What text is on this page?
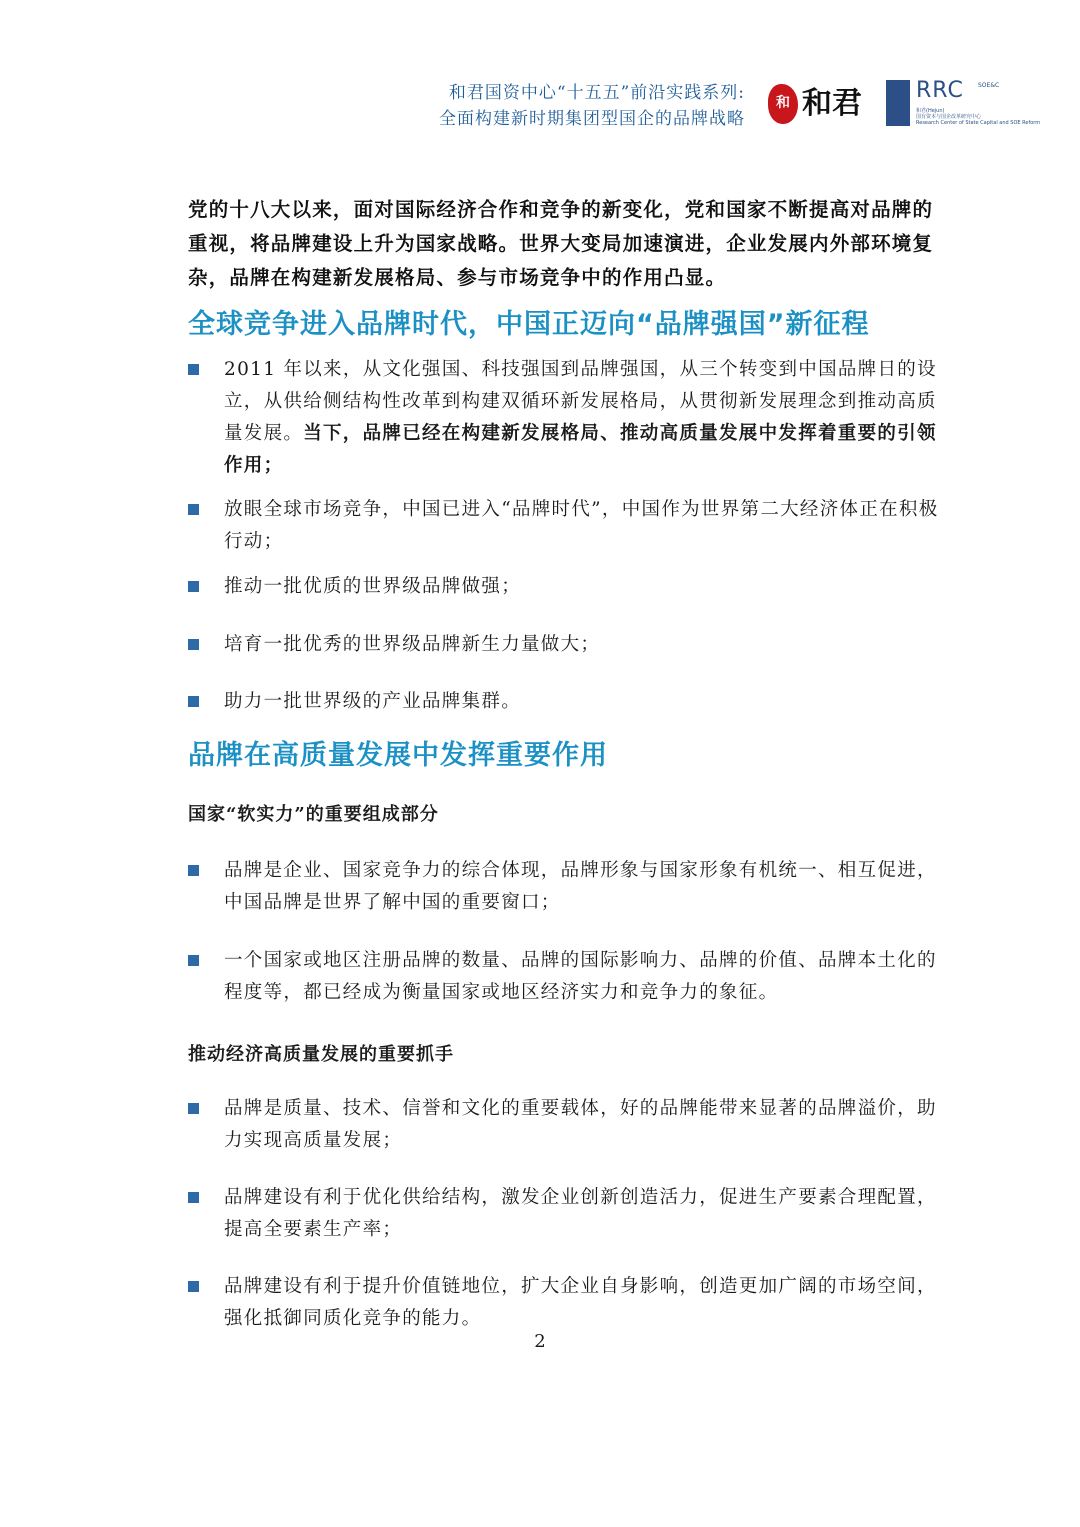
和君国资中心“十五五”前沿实践系列:
全面构建新时期集团型国企的品牌战略
和 和君 RRC SOE&C
和君(Hejun)
国有资本与国企改革研究中心
Research Center of State Capital and SOE Reform
党的十八大以来，面对国际经济合作和竞争的新变化，党和国家不断提高对品牌的重视，将品牌建设上升为国家战略。世界大变局加速演进，企业发展内外部环境复杂，品牌在构建新发展格局、参与市场竞争中的作用凸显。
全球竞争进入品牌时代，中国正迈向“品牌强国”新征程
2011 年以来，从文化强国、科技强国到品牌强国，从三个转变到中国品牌日的设立，从供给侧结构性改革到构建双循环新发展格局，从贯彻新发展理念到推动高质量发展。当下，品牌已经在构建新发展格局、推动高质量发展中发挥着重要的引领作用；
放眼全球市场竞争，中国已进入“品牌时代”，中国作为世界第二大经济体正在积极行动；
推动一批优质的世界级品牌做强；
培育一批优秀的世界级品牌新生力量做大；
助力一批世界级的产业品牌集群。
品牌在高质量发展中发挥重要作用
国家“软实力”的重要组成部分
品牌是企业、国家竞争力的综合体现，品牌形象与国家形象有机统一、相互促进，中国品牌是世界了解中国的重要窗口；
一个国家或地区注册品牌的数量、品牌的国际影响力、品牌的价值、品牌本土化的程度等，都已经成为衡量国家或地区经济实力和竞争力的象征。
推动经济高质量发展的重要抓手
品牌是质量、技术、信誉和文化的重要载体，好的品牌能带来显著的品牌溢价，助力实现高质量发展；
品牌建设有利于优化供给结构，激发企业创新创造活力，促进生产要素合理配置，提高全要素生产率；
品牌建设有利于提升价值链地位，扩大企业自身影响，创造更加广阔的市场空间，强化抵御同质化竞争的能力。
2
